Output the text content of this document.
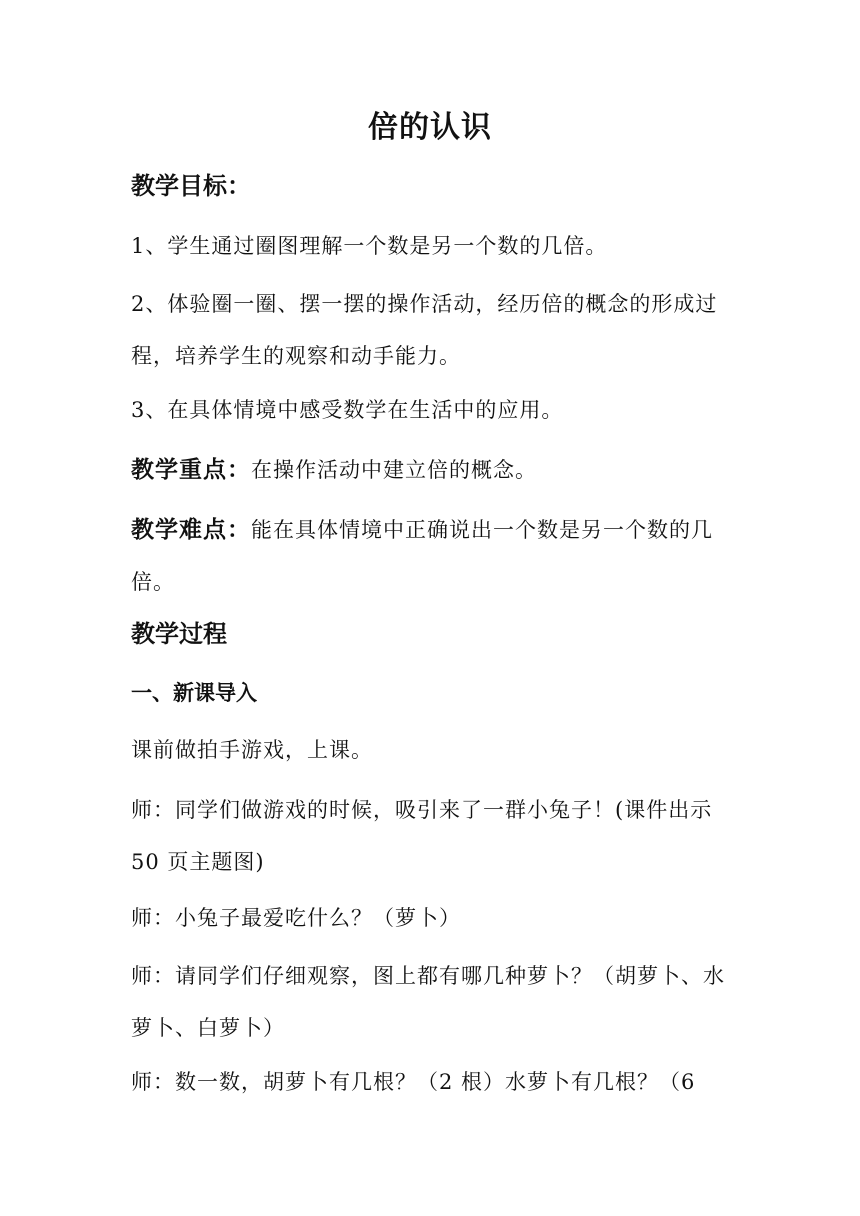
倍的认识
教学目标：
1、学生通过圈图理解一个数是另一个数的几倍。
2、体验圈一圈、摆一摆的操作活动，经历倍的概念的形成过程，培养学生的观察和动手能力。
3、在具体情境中感受数学在生活中的应用。
教学重点：在操作活动中建立倍的概念。
教学难点：能在具体情境中正确说出一个数是另一个数的几倍。
教学过程
一、新课导入
课前做拍手游戏，上课。
师：同学们做游戏的时候，吸引来了一群小兔子！(课件出示 50 页主题图)
师：小兔子最爱吃什么？（萝卜）
师：请同学们仔细观察，图上都有哪几种萝卜？（胡萝卜、水萝卜、白萝卜）
师：数一数，胡萝卜有几根？（2 根）水萝卜有几根？（6
